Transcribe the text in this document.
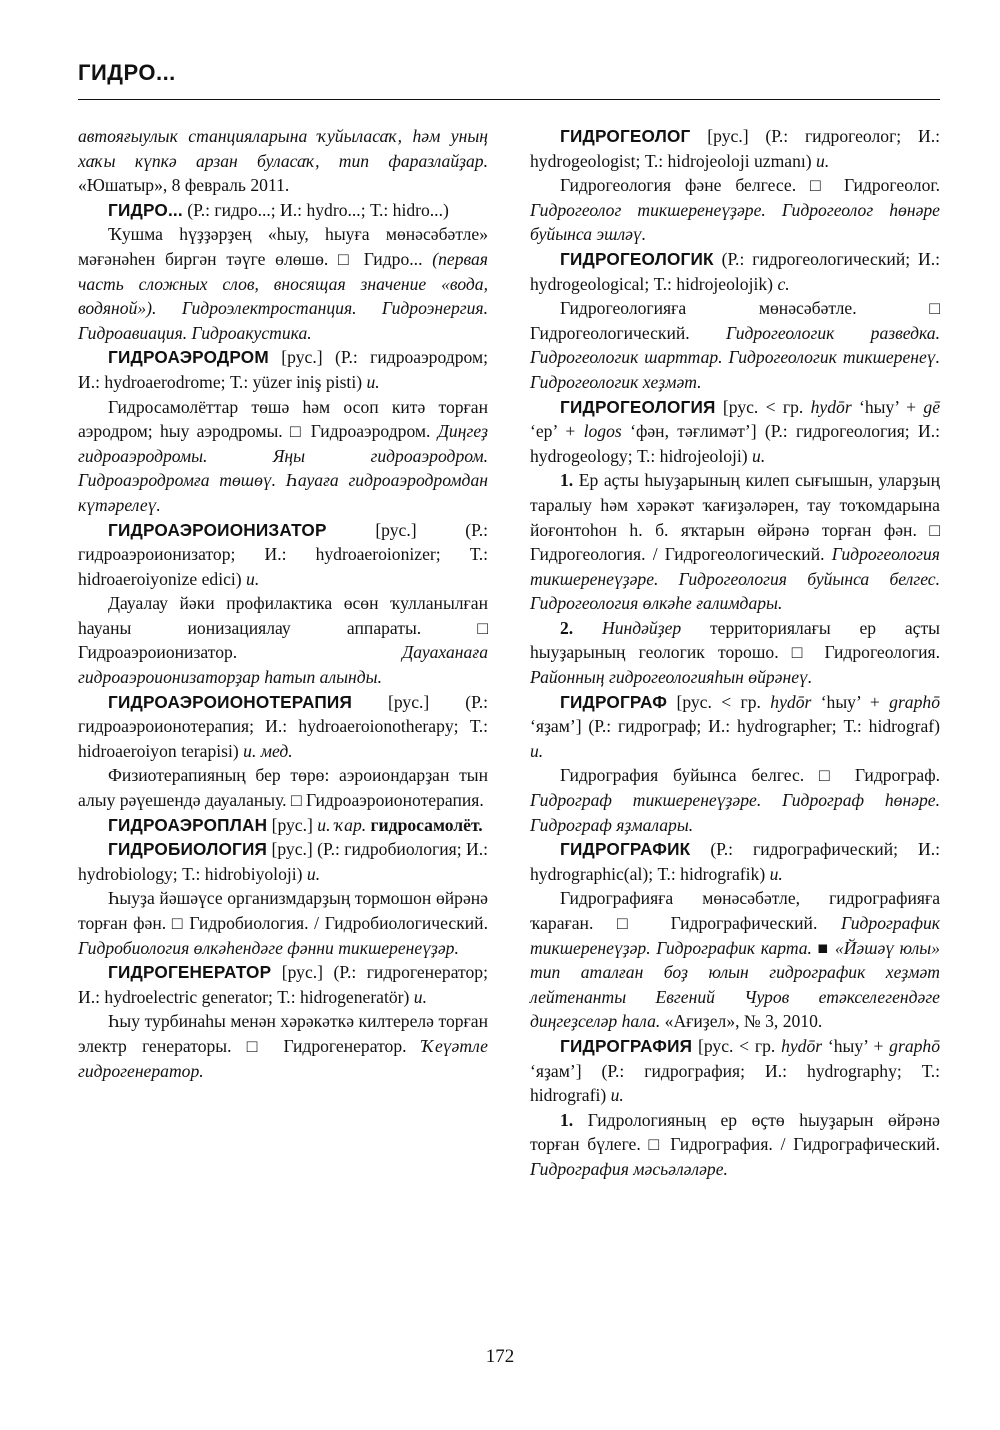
ГИДРО...

автояғыулык станцияларына ҡуйыласаҡ, һәм уның хаҡы күпкә арзан буласаҡ, тип фаразлайҙар. «Юшатыр», 8 февраль 2011.

ГИДРО... (Р.: гидро...; И.: hydro...; Т.: hidro...)

Ҡушма һүҙҙәрҙең «һыу, һыуға мөнәсәбәтле» мәғәнәһен биргән тәүге өлөшө. □ Гидро... (первая часть сложных слов, вносящая значение «вода, водяной»). Гидроэлектростанция. Гидроэнергия. Гидроавиация. Гидроакустика.

ГИДРОАЭРОДРОМ [рус.] (Р.: гидроаэродром; И.: hydroaerodrome; Т.: yüzer iniş pisti) и.

Гидросамолёттар төшә һәм осоп китә торған аэродром; һыу аэродромы. □ Гидроаэродром. Диңгеҙ гидроаэродромы. Яңы гидроаэродром. Гидроаэродромға төшөү. Һауаға гидроаэродромдан күтәрелеү.

ГИДРОАЭРОИОНИЗАТОР [рус.] (Р.: гидроаэроионизатор; И.: hydroaeroionizer; Т.: hidroaeroiyonize edici) и.

Дауалау йәки профилактика өсөн ҡулланылған һауаны ионизациялау аппараты. □ Гидроаэроионизатор. Дауаханаға гидроаэроионизаторҙар һатып алынды.

ГИДРОАЭРОИОНОТЕРАПИЯ [рус.] (Р.: гидроаэроионотерапия; И.: hydroaeroionotherapy; Т.: hidroaeroiyon terapisi) и. мед.

Физиотерапияның бер төрө: аэроиондарҙан тын алыу рәүешендә дауаланыу. □ Гидроаэроионотерапия.

ГИДРОАЭРОПЛАН [рус.] и. ҡар. гидросамолёт.

ГИДРОБИОЛОГИЯ [рус.] (Р.: гидробиология; И.: hydrobiology; Т.: hidrobiyoloji) и.

Һыуҙа йәшәүсе организмдарҙың тормошон өйрәнә торған фән. □ Гидробиология. / Гидробиологический. Гидробиология өлкәһендәге фәнни тикшеренеүҙәр.

ГИДРОГЕНЕРАТОР [рус.] (Р.: гидрогенератор; И.: hydroelectric generator; Т.: hidrogeneratör) и.

Һыу турбинаһы менән хәрәкәткә килтерелә торған электр генераторы. □ Гидрогенератор. Ҡеүәтле гидрогенератор.

ГИДРОГЕОЛОГ [рус.] (Р.: гидрогеолог; И.: hydrogeologist; Т.: hidrojeoloji uzmanı) и.

Гидрогеология фәне белгесе. □ Гидрогеолог. Гидрогеолог тикшеренеүҙәре. Гидрогеолог һөнәре буйынса эшләү.

ГИДРОГЕОЛОГИК (Р.: гидрогеологический; И.: hydrogeological; Т.: hidrojeolojik) с.

Гидрогеологияға мөнәсәбәтле. □ Гидрогеологический. Гидрогеологик разведка. Гидрогеологик шарттар. Гидрогеологик тикшеренеү. Гидрогеологик хеҙмәт.

ГИДРОГЕОЛОГИЯ [рус. < гр. hydōr ‘һыу’ + gē ‘ер’ + logos ‘фән, тәғлимәт’] (Р.: гидрогеология; И.: hydrogeology; Т.: hidrojeoloji) и.

1. Ер аҫты һыуҙарының килеп сығышын, уларҙың таралыу һәм хәрәкәт ҡағиҙәләрен, тау тоҡомдарына йоғонтоһон һ. б. яҡтарын өйрәнә торған фән. □ Гидрогеология. / Гидрогеологический. Гидрогеология тикшеренеүҙәре. Гидрогеология буйынса белгес. Гидрогеология өлкәһе ғалимдары.

2. Ниндәйҙер территориялағы ер аҫты һыуҙарының геологик торошо. □ Гидрогеология. Районның гидрогеологияһын өйрәнеү.

ГИДРОГРАФ [рус. < гр. hydōr ‘һыу’ + graphō ‘яҙам’] (Р.: гидрограф; И.: hydrographer; Т.: hidrograf) и.

Гидрография буйынса белгес. □ Гидрограф. Гидрограф тикшеренеүҙәре. Гидрограф һөнәре. Гидрограф яҙмалары.

ГИДРОГРАФИК (Р.: гидрографический; И.: hydrographic(al); Т.: hidrografik) и.

Гидрографияға мөнәсәбәтле, гидрографияға ҡараған. □ Гидрографический. Гидрографик тикшеренеүҙәр. Гидрографик карта. ■ «Йәшәү юлы» тип аталған боҙ юлын гидрографик хеҙмәт лейтенанты Евгений Чуров етәкселегендәге диңгеҙселәр һала. «Ағиҙел», № 3, 2010.

ГИДРОГРАФИЯ [рус. < гр. hydōr ‘һыу’ + graphō ‘яҙам’] (Р.: гидрография; И.: hydrography; Т.: hidrografi) и.

1. Гидрологияның ер өҫтө һыуҙарын өйрәнә торған бүлеге. □ Гидрография. / Гидрографический. Гидрография мәсьәләләре.

172
